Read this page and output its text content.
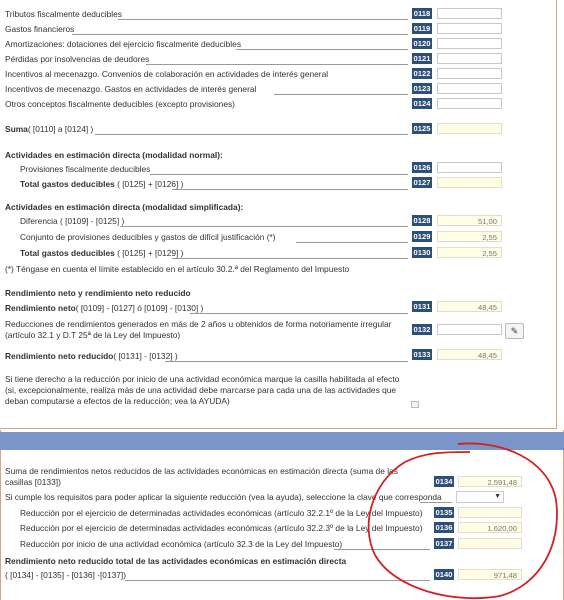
Tributos fiscalmente deducibles	0118
Gastos financieros	0119
Amortizaciones: dotaciones del ejercicio fiscalmente deducibles	0120
Pérdidas por insolvencias de deudores	0121
Incentivos al mecenazgo. Convenios de colaboración en actividades de interés general	0122
Incentivos de mecenazgo. Gastos en actividades de interés general	0123
Otros conceptos fiscalmente deducibles (excepto provisiones)	0124
Suma( [0110] a [0124] )	0125
Actividades en estimación directa (modalidad normal):
Provisiones fiscalmente deducibles	0126
Total gastos deducibles ( [0125] + [0126] )	0127
Actividades en estimación directa (modalidad simplificada):
Diferencia ( [0109] - [0125] )	0128	51,00
Conjunto de provisiones deducibles y gastos de difícil justificación (*)	0129	2,55
Total gastos deducibles ( [0125] + [0129] )	0130	2,55
(*) Téngase en cuenta el límite establecido en el artículo 30.2.ª del Reglamento del Impuesto
Rendimiento neto y rendimiento neto reducido
Rendimiento neto( [0109] - [0127] ó [0109] - [0130] )	0131	48,45
Reducciones de rendimientos generados en más de 2 años u obtenidos de forma notoriamente irregular (artículo 32.1 y D.T 25ª de la Ley del Impuesto)
0132	✎
Rendimiento neto reducido( [0131] - [0132] )	0133	48,45
Si tiene derecho a la reducción por inicio de una actividad económica marque la casilla habilitada al efecto (si, excepcionalmente, realiza más de una actividad debe marcarse para cada una de las actividades que deban computarse a efectos de la reducción; vea la AYUDA)
Suma de rendimientos netos reducidos de las actividades económicas en estimación directa (suma de las casillas [0133])	0134	2.591,48
Si cumple los requisitos para poder aplicar la siguiente reducción (vea la ayuda), seleccione la clave que corresponda	▼
Reducción por el ejercicio de determinadas actividades económicas (artículo 32.2.1º de la Ley del Impuesto) 0135
Reducción por el ejercicio de determinadas actividades económicas (artículo 32.2.3º de la Ley del Impuesto) 0136	1.620,00
Reducción por inicio de una actividad económica (artículo 32.3 de la Ley del Impuesto)	0137
Rendimiento neto reducido total de las actividades económicas en estimación directa
( [0134] - [0135] - [0136] -[0137])	0140	971,48
